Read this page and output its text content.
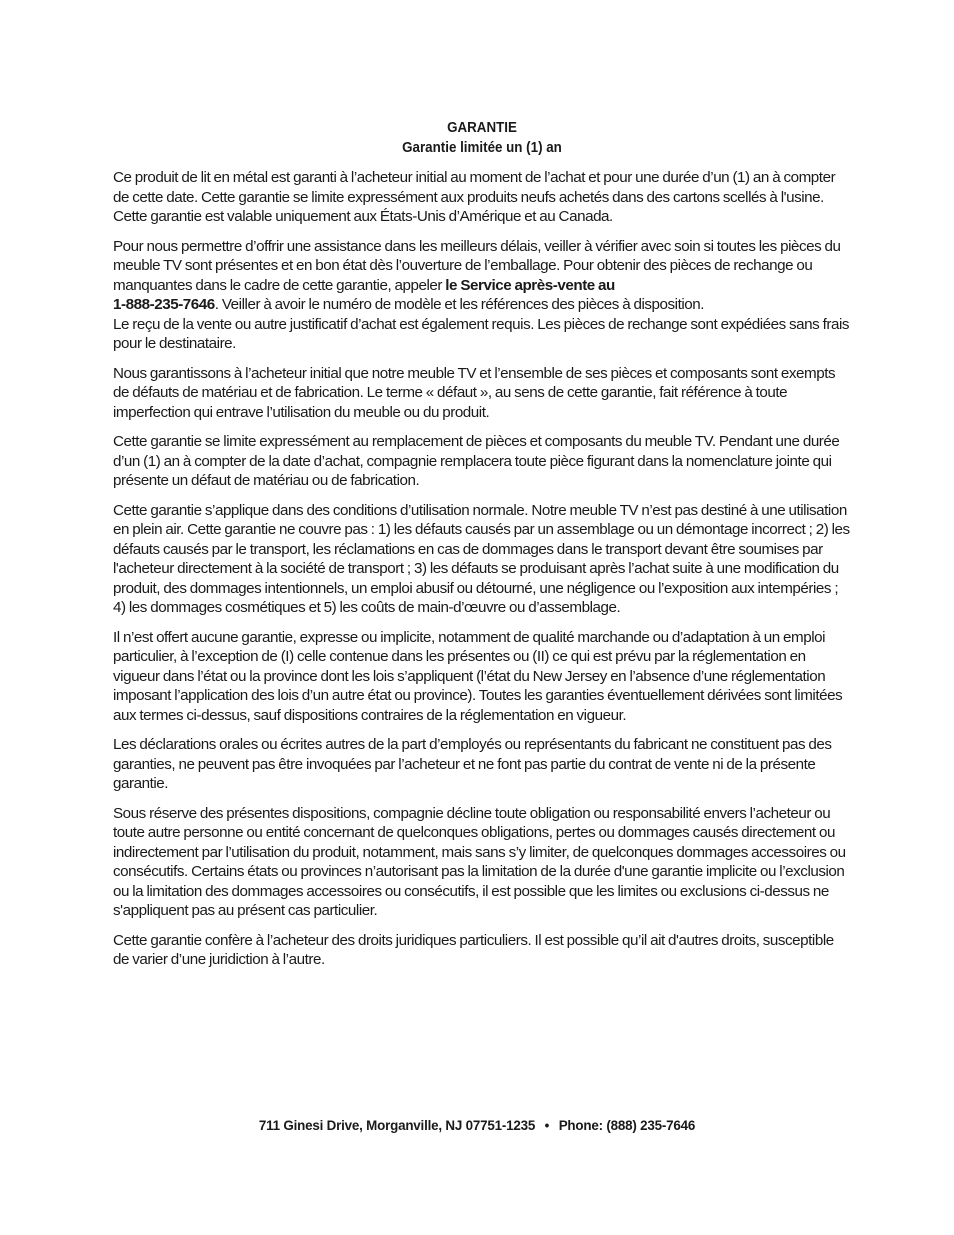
GARANTIE
Garantie limitée un (1) an

Ce produit de lit en métal est garanti à l’acheteur initial au moment de l’achat et pour une durée d’un (1) an à compter de cette date. Cette garantie se limite expressément aux produits neufs achetés dans des cartons scellés à l'usine. Cette garantie est valable uniquement aux États-Unis d’Amérique et au Canada.

Pour nous permettre d’offrir une assistance dans les meilleurs délais, veiller à vérifier avec soin si toutes les pièces du meuble TV sont présentes et en bon état dès l’ouverture de l’emballage. Pour obtenir des pièces de rechange ou manquantes dans le cadre de cette garantie, appeler le Service après-vente au
1-888-235-7646. Veiller à avoir le numéro de modèle et les références des pièces à disposition.
Le reçu de la vente ou autre justificatif d’achat est également requis. Les pièces de rechange sont expédiées sans frais pour le destinataire.

Nous garantissons à l’acheteur initial que notre meuble TV et l’ensemble de ses pièces et composants sont exempts de défauts de matériau et de fabrication. Le terme « défaut », au sens de cette garantie, fait référence à toute imperfection qui entrave l’utilisation du meuble ou du produit.

Cette garantie se limite expressément au remplacement de pièces et composants du meuble TV. Pendant une durée d’un (1) an à compter de la date d’achat, compagnie remplacera toute pièce figurant dans la nomenclature jointe qui présente un défaut de matériau ou de fabrication.

Cette garantie s’applique dans des conditions d’utilisation normale. Notre meuble TV n’est pas destiné à une utilisation en plein air. Cette garantie ne couvre pas : 1) les défauts causés par un assemblage ou un démontage incorrect ; 2) les défauts causés par le transport, les réclamations en cas de dommages dans le transport devant être soumises par l'acheteur directement à la société de transport ; 3) les défauts se produisant après l’achat suite à une modification du produit, des dommages intentionnels, un emploi abusif ou détourné, une négligence ou l’exposition aux intempéries ; 4) les dommages cosmétiques et 5) les coûts de main-d’œuvre ou d’assemblage.

Il n’est offert aucune garantie, expresse ou implicite, notamment de qualité marchande ou d’adaptation à un emploi particulier, à l’exception de (I) celle contenue dans les présentes ou (II) ce qui est prévu par la réglementation en vigueur dans l’état ou la province dont les lois s’appliquent (l’état du New Jersey en l’absence d’une réglementation imposant l’application des lois d’un autre état ou province). Toutes les garanties éventuellement dérivées sont limitées aux termes ci-dessus, sauf dispositions contraires de la réglementation en vigueur.

Les déclarations orales ou écrites autres de la part d’employés ou représentants du fabricant ne constituent pas des garanties, ne peuvent pas être invoquées par l’acheteur et ne font pas partie du contrat de vente ni de la présente garantie.

Sous réserve des présentes dispositions, compagnie décline toute obligation ou responsabilité envers l’acheteur ou toute autre personne ou entité concernant de quelconques obligations, pertes ou dommages causés directement ou indirectement par l’utilisation du produit, notamment, mais sans s’y limiter, de quelconques dommages accessoires ou consécutifs. Certains états ou provinces n’autorisant pas la limitation de la durée d'une garantie implicite ou l’exclusion ou la limitation des dommages accessoires ou consécutifs, il est possible que les limites ou exclusions ci-dessus ne s'appliquent pas au présent cas particulier.

Cette garantie confère à l’acheteur des droits juridiques particuliers. Il est possible qu’il ait d'autres droits, susceptible de varier d’une juridiction à l’autre.

711 Ginesi Drive, Morganville, NJ 07751-1235 • Phone: (888) 235-7646
